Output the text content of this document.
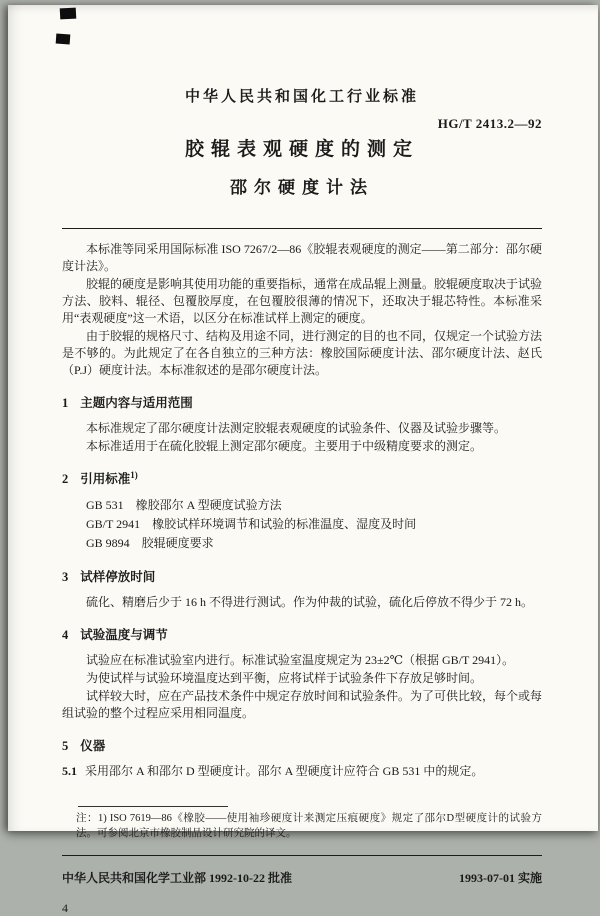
中华人民共和国化工行业标准
HG/T 2413.2—92
胶辊表观硬度的测定
邵尔硬度计法

本标准等同采用国际标准 ISO 7267/2—86《胶辊表观硬度的测定——第二部分：邵尔硬度计法》。

胶辊的硬度是影响其使用功能的重要指标，通常在成品辊上测量。胶辊硬度取决于试验方法、胶料、辊径、包覆胶厚度，在包覆胶很薄的情况下，还取决于辊芯特性。本标准采用“表观硬度”这一术语，以区分在标准试样上测定的硬度。

由于胶辊的规格尺寸、结构及用途不同，进行测定的目的也不同，仅规定一个试验方法是不够的。为此规定了在各自独立的三种方法：橡胶国际硬度计法、邵尔硬度计法、赵氏（P.J）硬度计法。本标准叙述的是邵尔硬度计法。

1 主题内容与适用范围

本标准规定了邵尔硬度计法测定胶辊表观硬度的试验条件、仪器及试验步骤等。

本标准适用于在硫化胶辊上测定邵尔硬度。主要用于中级精度要求的测定。

2 引用标准$^{1)}$

GB 531　橡胶邵尔 A 型硬度试验方法

GB/T 2941　橡胶试样环境调节和试验的标准温度、湿度及时间

GB 9894　胶辊硬度要求

3 试样停放时间

硫化、精磨后少于 16 h 不得进行测试。作为仲裁的试验，硫化后停放不得少于 72 h。

4 试验温度与调节

试验应在标准试验室内进行。标准试验室温度规定为 23±2℃（根据 GB/T 2941）。

为使试样与试验环境温度达到平衡，应将试样于试验条件下存放足够时间。

试样较大时，应在产品技术条件中规定存放时间和试验条件。为了可供比较，每个或每组试验的整个过程应采用相同温度。

5 仪器

5.1 采用邵尔 A 和邵尔 D 型硬度计。邵尔 A 型硬度计应符合 GB 531 中的规定。

注：1) ISO 7619—86《橡胶——使用袖珍硬度计来测定压痕硬度》规定了邵尔D型硬度计的试验方法。可参阅北京市橡胶制品设计研究院的译文。
中华人民共和国化学工业部 1992-10-22 批准	1993-07-01 实施
4
